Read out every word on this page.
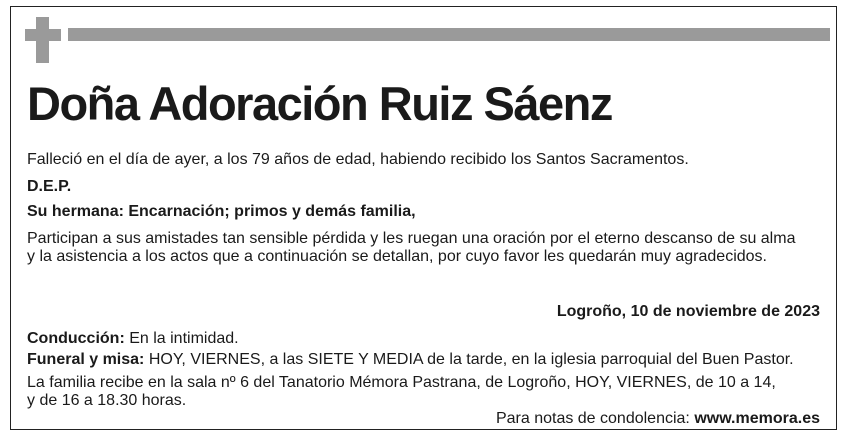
Doña Adoración Ruiz Sáenz
Falleció en el día de ayer, a los 79 años de edad, habiendo recibido los Santos Sacramentos.
D.E.P.
Su hermana: Encarnación; primos y demás familia,
Participan a sus amistades tan sensible pérdida y les ruegan una oración por el eterno descanso de su alma
y la asistencia a los actos que a continuación se detallan, por cuyo favor les quedarán muy agradecidos.
Logroño, 10 de noviembre de 2023
Conducción: En la intimidad.
Funeral y misa: HOY, VIERNES, a las SIETE Y MEDIA de la tarde, en la iglesia parroquial del Buen Pastor.
La familia recibe en la sala nº 6 del Tanatorio Mémora Pastrana, de Logroño, HOY, VIERNES, de 10 a 14,
y de 16 a 18.30 horas.
Para notas de condolencia: www.memora.es
